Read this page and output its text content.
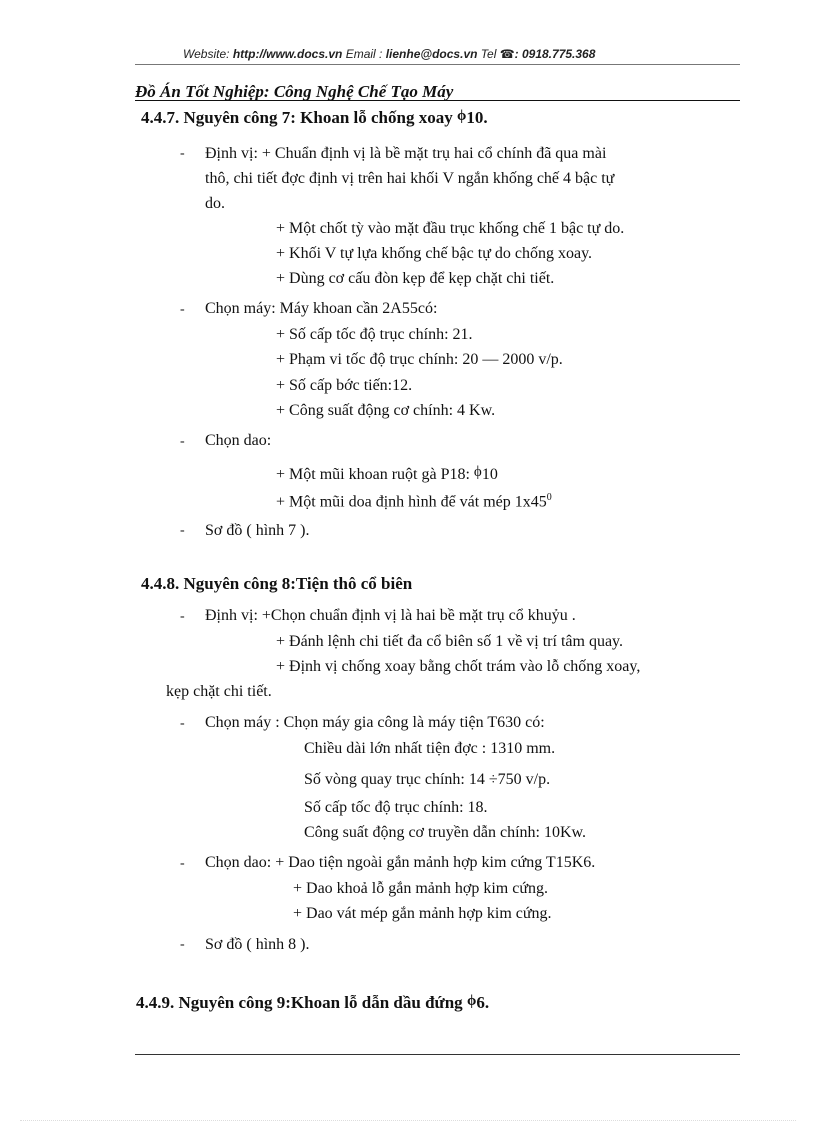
Website: http://www.docs.vn Email : lienhe@docs.vn Tel ☎: 0918.775.368
Đồ Án Tốt Nghiệp: Công Nghệ Chế Tạo Máy
4.4.7. Nguyên công 7: Khoan lỗ chống xoay ϕ10.
- Định vị: + Chuẩn định vị là bề mặt trụ hai cổ chính đã qua mài
thô, chi tiết đợc định vị trên hai khối V ngắn khống chế 4 bậc tự
do.
+ Một chốt tỳ vào mặt đầu trục khống chế 1 bậc tự do.
+ Khối V tự lựa khống chế bậc tự do chống xoay.
+ Dùng cơ cấu đòn kẹp để kẹp chặt chi tiết.
- Chọn máy: Máy khoan cần 2A55có:
+ Số cấp tốc độ trục chính: 21.
+ Phạm vi tốc độ trục chính: 20 — 2000 v/p.
+ Số cấp bớc tiến:12.
+ Công suất động cơ chính: 4 Kw.
- Chọn dao:
+ Một mũi khoan ruột gà P18: ϕ10
+ Một mũi doa định hình để vát mép $1x45^0$
- Sơ đồ ( hình 7 ).
4.4.8. Nguyên công 8:Tiện thô cổ biên
- Định vị: +Chọn chuẩn định vị là hai bề mặt trụ cổ khuỷu .
+ Đánh lệnh chi tiết đa cổ biên số 1 về vị trí tâm quay.
+ Định vị chống xoay bằng chốt trám vào lỗ chống xoay,
kẹp chặt chi tiết.
- Chọn máy : Chọn máy gia công là máy tiện T630 có:
Chiều dài lớn nhất tiện đợc : 1310 mm.
Số vòng quay trục chính: 14 ÷750 v/p.
Số cấp tốc độ trục chính: 18.
Công suất động cơ truyền dẫn chính: 10Kw.
- Chọn dao: + Dao tiện ngoài gắn mảnh hợp kim cứng T15K6.
+ Dao khoả lỗ gắn mảnh hợp kim cứng.
+ Dao vát mép gắn mảnh hợp kim cứng.
- Sơ đồ ( hình 8 ).
4.4.9. Nguyên công 9:Khoan lỗ dẫn dầu đứng ϕ6.
